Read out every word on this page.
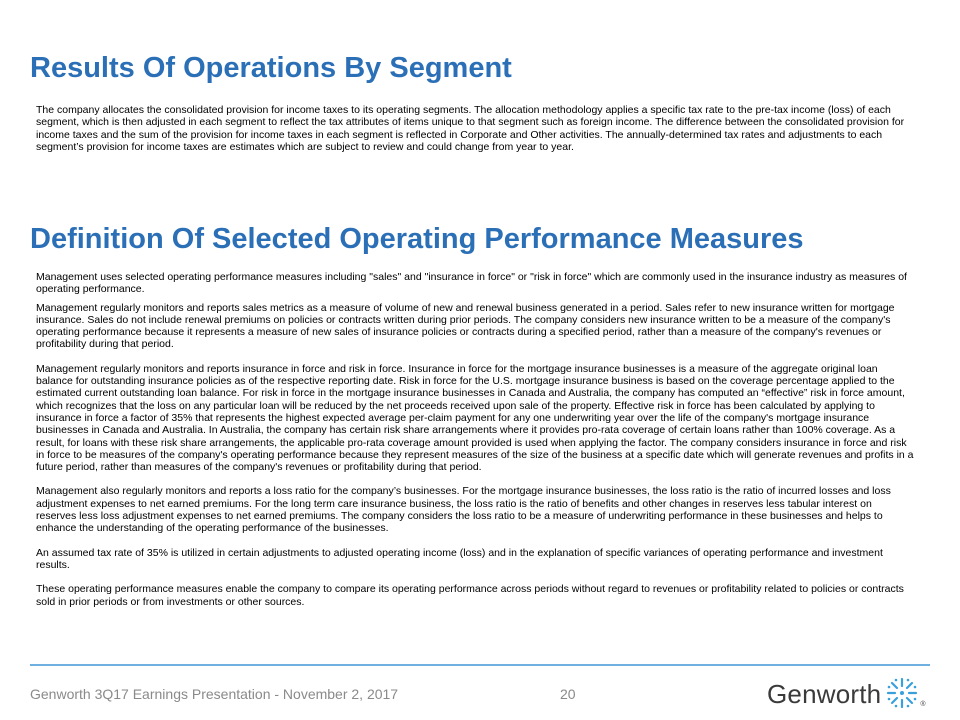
Results Of Operations By Segment

The company allocates the consolidated provision for income taxes to its operating segments. The allocation methodology applies a specific tax rate to the pre-tax income (loss) of each segment, which is then adjusted in each segment to reflect the tax attributes of items unique to that segment such as foreign income. The difference between the consolidated provision for income taxes and the sum of the provision for income taxes in each segment is reflected in Corporate and Other activities. The annually-determined tax rates and adjustments to each segment’s provision for income taxes are estimates which are subject to review and could change from year to year.

Definition Of Selected Operating Performance Measures

Management uses selected operating performance measures including "sales" and "insurance in force" or "risk in force" which are commonly used in the insurance industry as measures of operating performance.

Management regularly monitors and reports sales metrics as a measure of volume of new and renewal business generated in a period. Sales refer to new insurance written for mortgage insurance. Sales do not include renewal premiums on policies or contracts written during prior periods. The company considers new insurance written to be a measure of the company's operating performance because it represents a measure of new sales of insurance policies or contracts during a specified period, rather than a measure of the company's revenues or profitability during that period.

Management regularly monitors and reports insurance in force and risk in force. Insurance in force for the mortgage insurance businesses is a measure of the aggregate original loan balance for outstanding insurance policies as of the respective reporting date. Risk in force for the U.S. mortgage insurance business is based on the coverage percentage applied to the estimated current outstanding loan balance. For risk in force in the mortgage insurance businesses in Canada and Australia, the company has computed an “effective” risk in force amount, which recognizes that the loss on any particular loan will be reduced by the net proceeds received upon sale of the property. Effective risk in force has been calculated by applying to insurance in force a factor of 35% that represents the highest expected average per-claim payment for any one underwriting year over the life of the company's mortgage insurance businesses in Canada and Australia. In Australia, the company has certain risk share arrangements where it provides pro-rata coverage of certain loans rather than 100% coverage. As a result, for loans with these risk share arrangements, the applicable pro-rata coverage amount provided is used when applying the factor. The company considers insurance in force and risk in force to be measures of the company's operating performance because they represent measures of the size of the business at a specific date which will generate revenues and profits in a future period, rather than measures of the company's revenues or profitability during that period.

Management also regularly monitors and reports a loss ratio for the company’s businesses. For the mortgage insurance businesses, the loss ratio is the ratio of incurred losses and loss adjustment expenses to net earned premiums. For the long term care insurance business, the loss ratio is the ratio of benefits and other changes in reserves less tabular interest on reserves less loss adjustment expenses to net earned premiums. The company considers the loss ratio to be a measure of underwriting performance in these businesses and helps to enhance the understanding of the operating performance of the businesses.

An assumed tax rate of 35% is utilized in certain adjustments to adjusted operating income (loss) and in the explanation of specific variances of operating performance and investment results.

These operating performance measures enable the company to compare its operating performance across periods without regard to revenues or profitability related to policies or contracts sold in prior periods or from investments or other sources.

Genworth 3Q17 Earnings Presentation - November 2, 2017	20	Genworth	®
